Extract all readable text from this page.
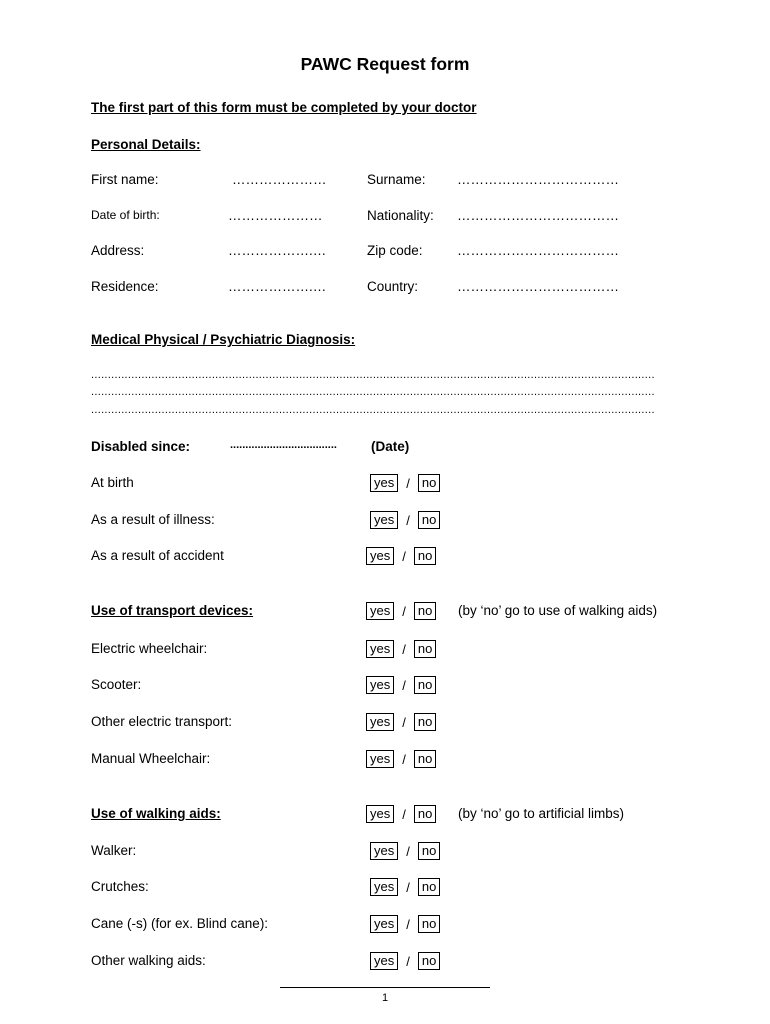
PAWC Request form
The first part of this form must be completed by your doctor
Personal Details:
First name:	…………………	Surname: ………………………………
Date of birth:	…………………	Nationality: ………………………………
Address:	……………….…	Zip code:	………………………………
Residence:	……………….…	Country:	………………………………
Medical Physical / Psychiatric Diagnosis:
........................................................................................................................................................................
........................................................................................................................................................................
........................................................................................................................................................................
Disabled since:	...................................	(Date)
At birth	yes / no
As a result of illness:	yes / no
As a result of accident	yes / no
Use of transport devices:	yes / no (by ‘no’ go to use of walking aids)
Electric wheelchair:	yes / no
Scooter:	yes / no
Other electric transport:	yes / no
Manual Wheelchair:	yes / no
Use of walking aids:	yes / no (by ‘no’ go to artificial limbs)
Walker:	yes / no
Crutches:	yes / no
Cane (-s) (for ex. Blind cane):	yes / no
Other walking aids:	yes / no
1
